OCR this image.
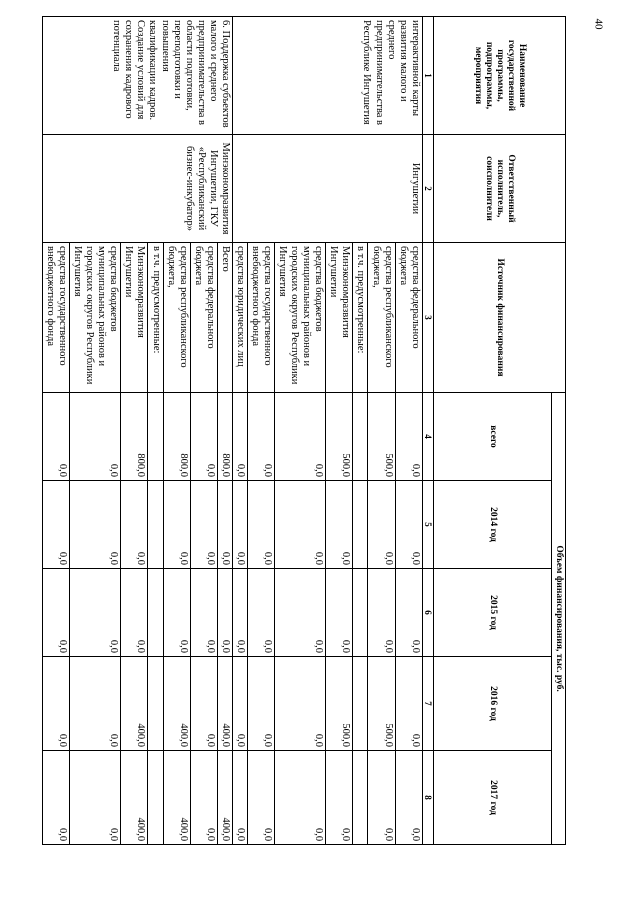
40
Наименование государственной программы, подпрограммы, мероприятия	Ответственный исполнитель, соисполнители	Источник финансирования	Объем финансирования, тыс. руб.				
			всего	2014 год	2015 год	2016 год	2017 год
1	2	3	4	5	6	7	8
интерактивной карты развития малого и среднего предпринимательства в Республике Ингушетия	Ингушетии	средства федерального бюджета	0,0	0,0	0,0	0,0	0,0
		средства республиканского бюджета,	500,0	0,0	0,0	500,0	0,0
		в т.ч. предусмотренные:					
		Минэкономразвития Ингушетии	500,0	0,0	0,0	500,0	0,0
		средства бюджетов муниципальных районов и городских округов Республики Ингушетия	0,0	0,0	0,0	0,0	0,0
		средства государственного внебюджетного фонда	0,0	0,0	0,0	0,0	0,0
		средства юридических лиц	0,0	0,0	0,0	0,0	0,0
6. Поддержка субъектов малого и среднего предпринимательства в области подготовки, переподготовки и повышения квалификации кадров. Создание условий для сохранения кадрового потенциала	Минэкономразвития Ингушетии, ГКУ «Республиканский бизнес-инкубатор»	Всего	800,0	0,0	0,0	400,0	400,0
		средства федерального бюджета	0,0	0,0	0,0	0,0	0,0
		средства республиканского бюджета,	800,0	0,0	0,0	400,0	400,0
		в т.ч. предусмотренные:					
		Минэкономразвития Ингушетии	800,0	0,0	0,0	400,0	400,0
		средства бюджетов муниципальных районов и городских округов Республики Ингушетия	0,0	0,0	0,0	0,0	0,0
		средства государственного внебюджетного фонда	0,0	0,0	0,0	0,0	0,0
